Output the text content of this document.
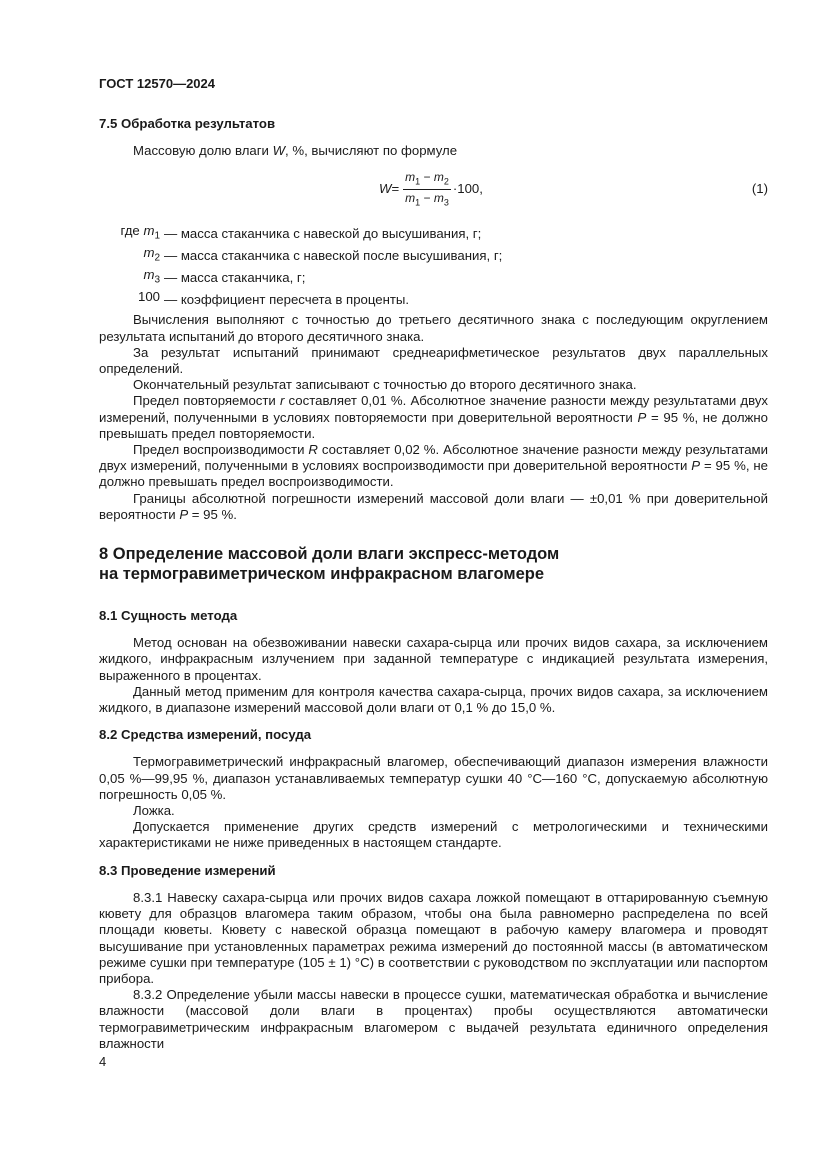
ГОСТ 12570—2024

7.5 Обработка результатов

Массовую долю влаги W, %, вычисляют по формуле

$W = \frac{m_1 - m_2}{m_1 - m_3} \cdot 100$,	(1)
где $m_1$ — масса стаканчика с навеской до высушивания, г;
$m_2$ — масса стаканчика с навеской после высушивания, г;
$m_3$ — масса стаканчика, г;
100 — коэффициент пересчета в проценты.

Вычисления выполняют с точностью до третьего десятичного знака с последующим округлением результата испытаний до второго десятичного знака.

За результат испытаний принимают среднеарифметическое результатов двух параллельных определений.

Окончательный результат записывают с точностью до второго десятичного знака.

Предел повторяемости r составляет 0,01 %. Абсолютное значение разности между результатами двух измерений, полученными в условиях повторяемости при доверительной вероятности P = 95 %, не должно превышать предел повторяемости.

Предел воспроизводимости R составляет 0,02 %. Абсолютное значение разности между результатами двух измерений, полученными в условиях воспроизводимости при доверительной вероятности P = 95 %, не должно превышать предел воспроизводимости.

Границы абсолютной погрешности измерений массовой доли влаги — ±0,01 % при доверительной вероятности P = 95 %.

8 Определение массовой доли влаги экспресс-методом

на термогравиметрическом инфракрасном влагомере

8.1 Сущность метода

Метод основан на обезвоживании навески сахара-сырца или прочих видов сахара, за исключением жидкого, инфракрасным излучением при заданной температуре с индикацией результата измерения, выраженного в процентах.

Данный метод применим для контроля качества сахара-сырца, прочих видов сахара, за исключением жидкого, в диапазоне измерений массовой доли влаги от 0,1 % до 15,0 %.

8.2 Средства измерений, посуда

Термогравиметрический инфракрасный влагомер, обеспечивающий диапазон измерения влажности 0,05 %—99,95 %, диапазон устанавливаемых температур сушки 40 °С—160 °С, допускаемую абсолютную погрешность 0,05 %.

Ложка.

Допускается применение других средств измерений с метрологическими и техническими характеристиками не ниже приведенных в настоящем стандарте.

8.3 Проведение измерений

8.3.1 Навеску сахара-сырца или прочих видов сахара ложкой помещают в оттарированную съемную кювету для образцов влагомера таким образом, чтобы она была равномерно распределена по всей площади кюветы. Кювету с навеской образца помещают в рабочую камеру влагомера и проводят высушивание при установленных параметрах режима измерений до постоянной массы (в автоматическом режиме сушки при температуре (105 ± 1) °С) в соответствии с руководством по эксплуатации или паспортом прибора.

8.3.2 Определение убыли массы навески в процессе сушки, математическая обработка и вычисление влажности (массовой доли влаги в процентах) пробы осуществляются автоматически термогравиметрическим инфракрасным влагомером с выдачей результата единичного определения влажности

4
